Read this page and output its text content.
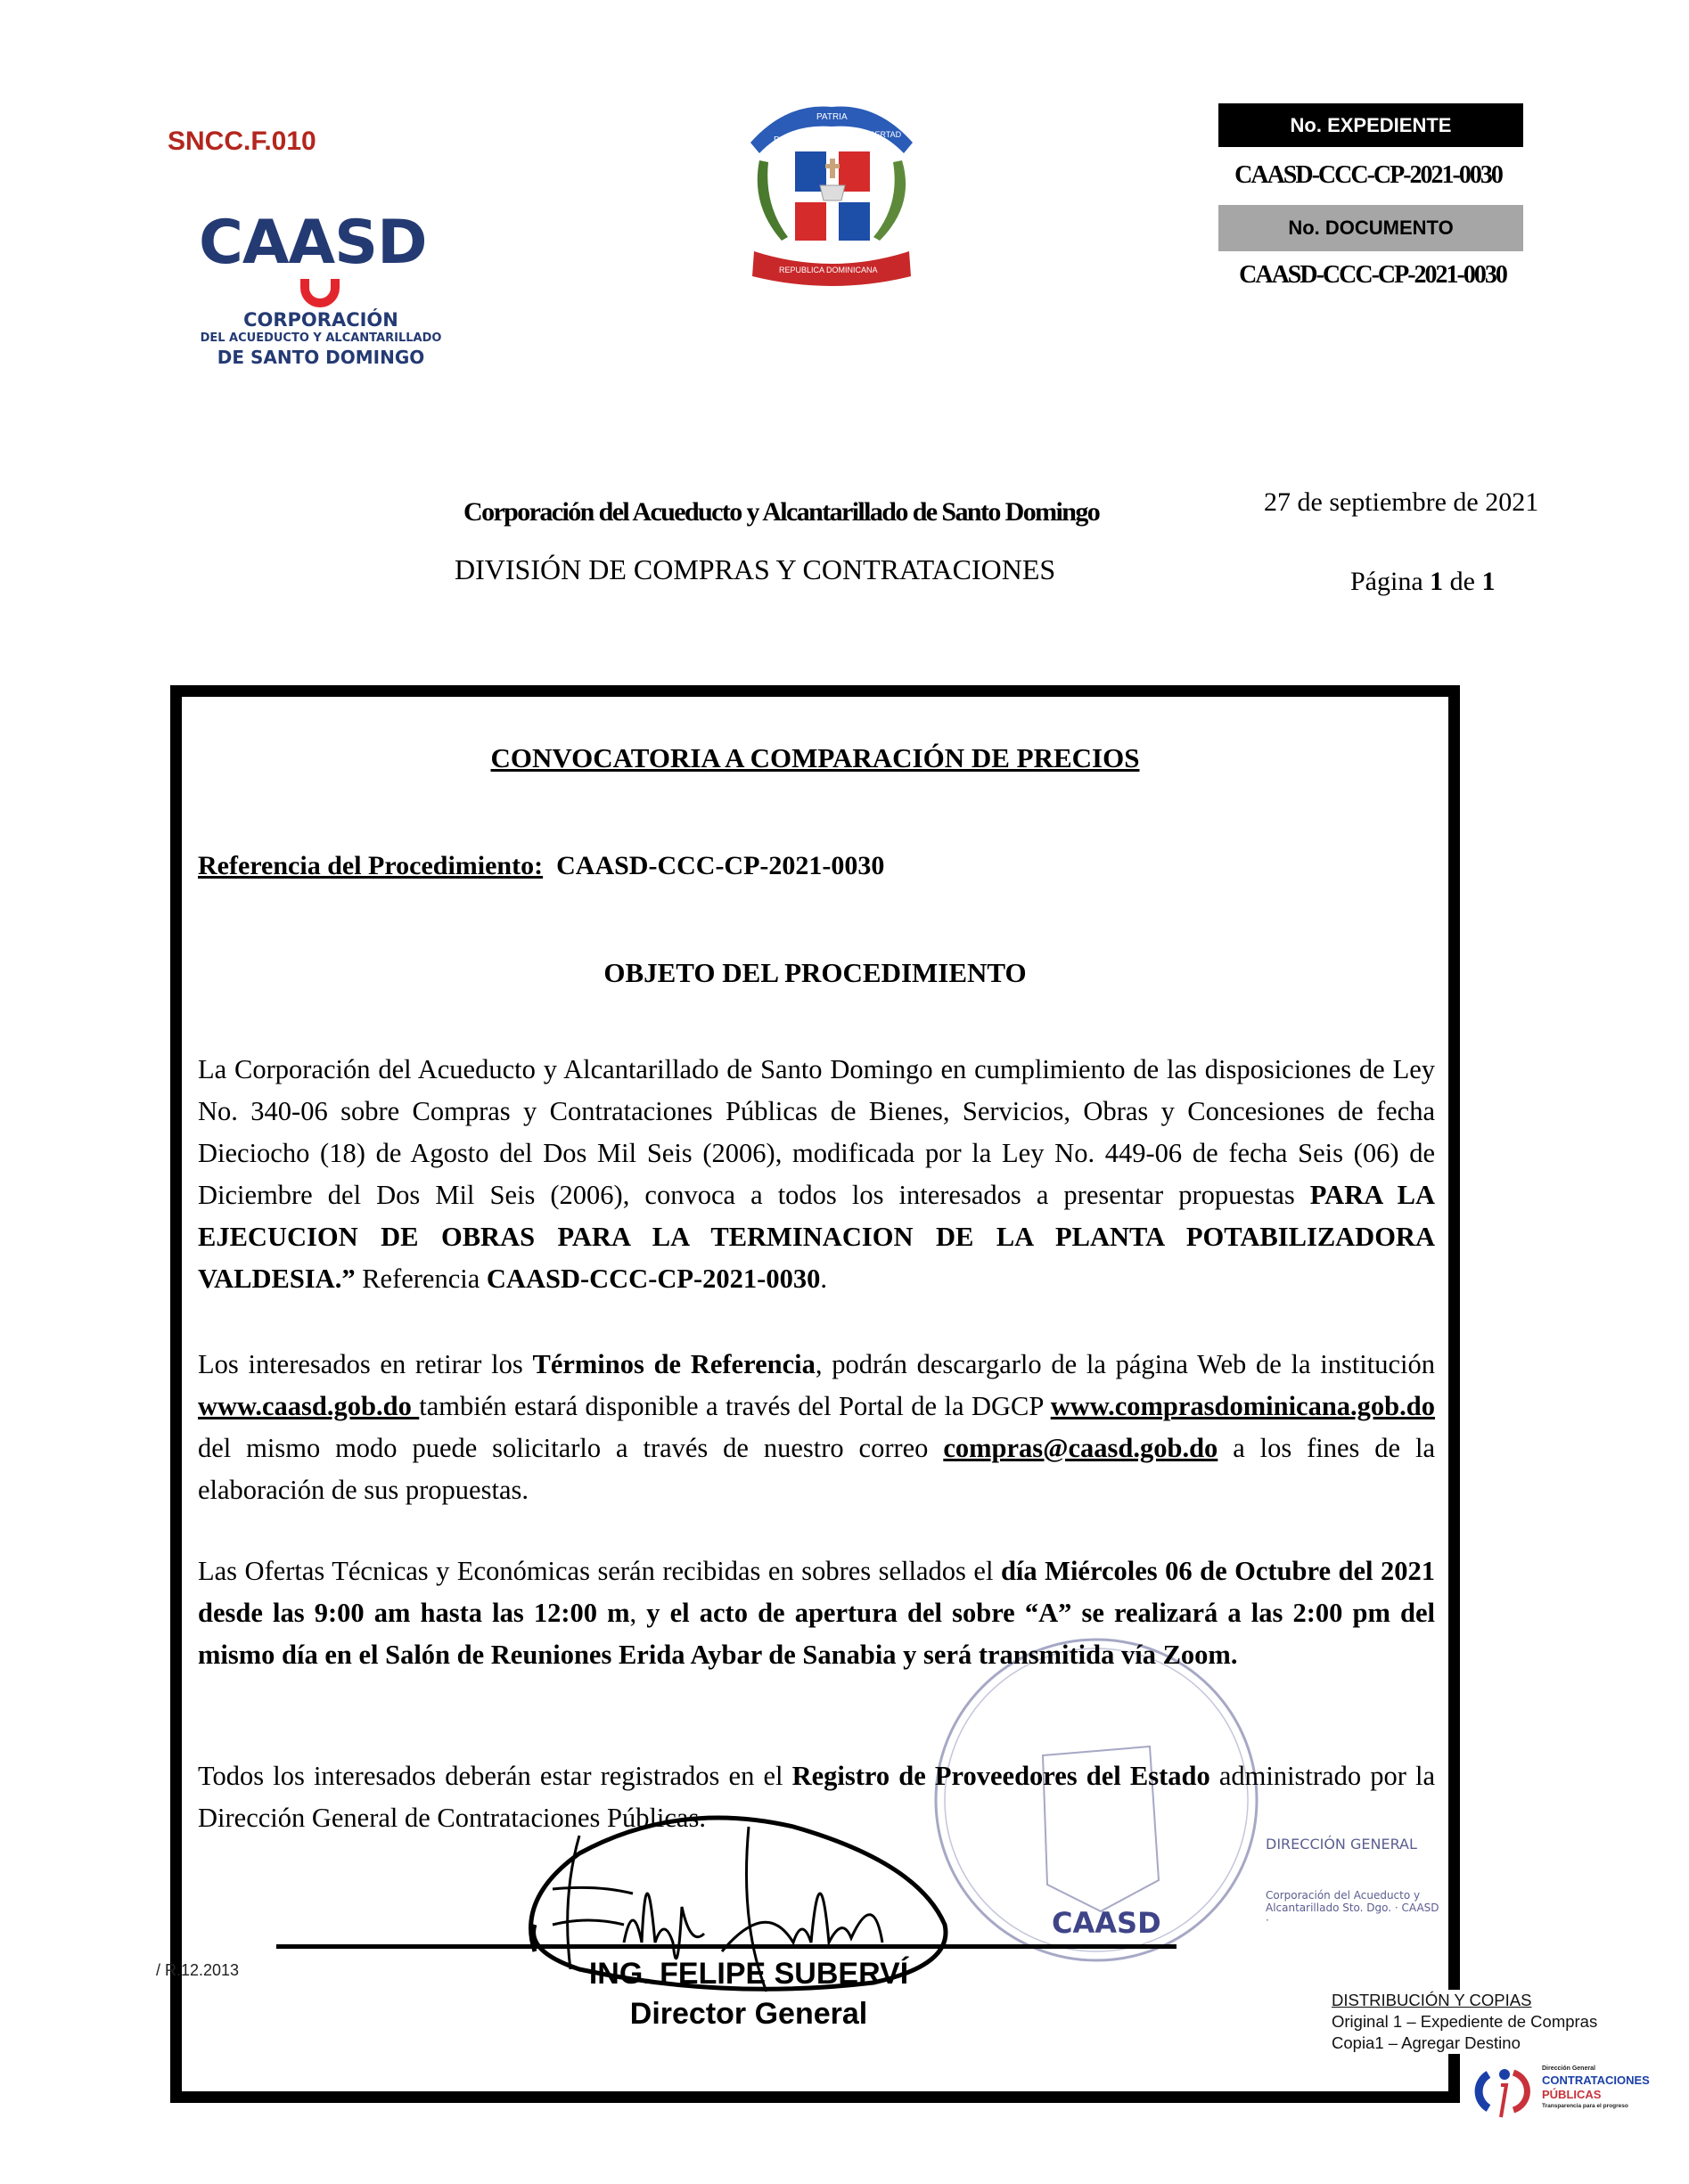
SNCC.F.010
CAASD
CORPORACIÓN
DEL ACUEDUCTO Y ALCANTARILLADO
DE SANTO DOMINGO
DIOS
PATRIA
LIBERTAD
REPUBLICA DOMINICANA
No. EXPEDIENTE
CAASD-CCC-CP-2021-0030
No. DOCUMENTO
CAASD-CCC-CP-2021-0030
Corporación del Acueducto y Alcantarillado de Santo Domingo	27 de septiembre de 2021
DIVISIÓN DE COMPRAS Y CONTRATACIONES	Página 1 de 1
DIRECCIÓN GENERAL
Corporación del Acueducto y Alcantarillado Sto. Dgo. · CAASD ·
CAASD
CONVOCATORIA A COMPARACIÓN DE PRECIOS
Referencia del Procedimiento: CAASD-CCC-CP-2021-0030
OBJETO DEL PROCEDIMIENTO
La Corporación del Acueducto y Alcantarillado de Santo Domingo en cumplimiento de las disposiciones de Ley No. 340-06 sobre Compras y Contrataciones Públicas de Bienes, Servicios, Obras y Concesiones de fecha Dieciocho (18) de Agosto del Dos Mil Seis (2006), modificada por la Ley No. 449-06 de fecha Seis (06) de Diciembre del Dos Mil Seis (2006), convoca a todos los interesados a presentar propuestas PARA LA EJECUCION DE OBRAS PARA LA TERMINACION DE LA PLANTA POTABILIZADORA VALDESIA.” Referencia CAASD-CCC-CP-2021-0030.
Los interesados en retirar los Términos de Referencia, podrán descargarlo de la página Web de la institución www.caasd.gob.do también estará disponible a través del Portal de la DGCP www.comprasdominicana.gob.do del mismo modo puede solicitarlo a través de nuestro correo compras@caasd.gob.do a los fines de la elaboración de sus propuestas.
Las Ofertas Técnicas y Económicas serán recibidas en sobres sellados el día Miércoles 06 de Octubre del 2021 desde las 9:00 am hasta las 12:00 m, y el acto de apertura del sobre “A” se realizará a las 2:00 pm del mismo día en el Salón de Reuniones Erida Aybar de Sanabia y será transmitida vía Zoom.
Todos los interesados deberán estar registrados en el Registro de Proveedores del Estado administrado por la Dirección General de Contrataciones Públicas.
/ R.12.2013	ING. FELIPE SUBERVÍ
Director General	DISTRIBUCIÓN Y COPIAS
Original 1 – Expediente de Compras
Copia1 – Agregar Destino
Dirección General
CONTRATACIONES
PÚBLICAS
Transparencia para el progreso
